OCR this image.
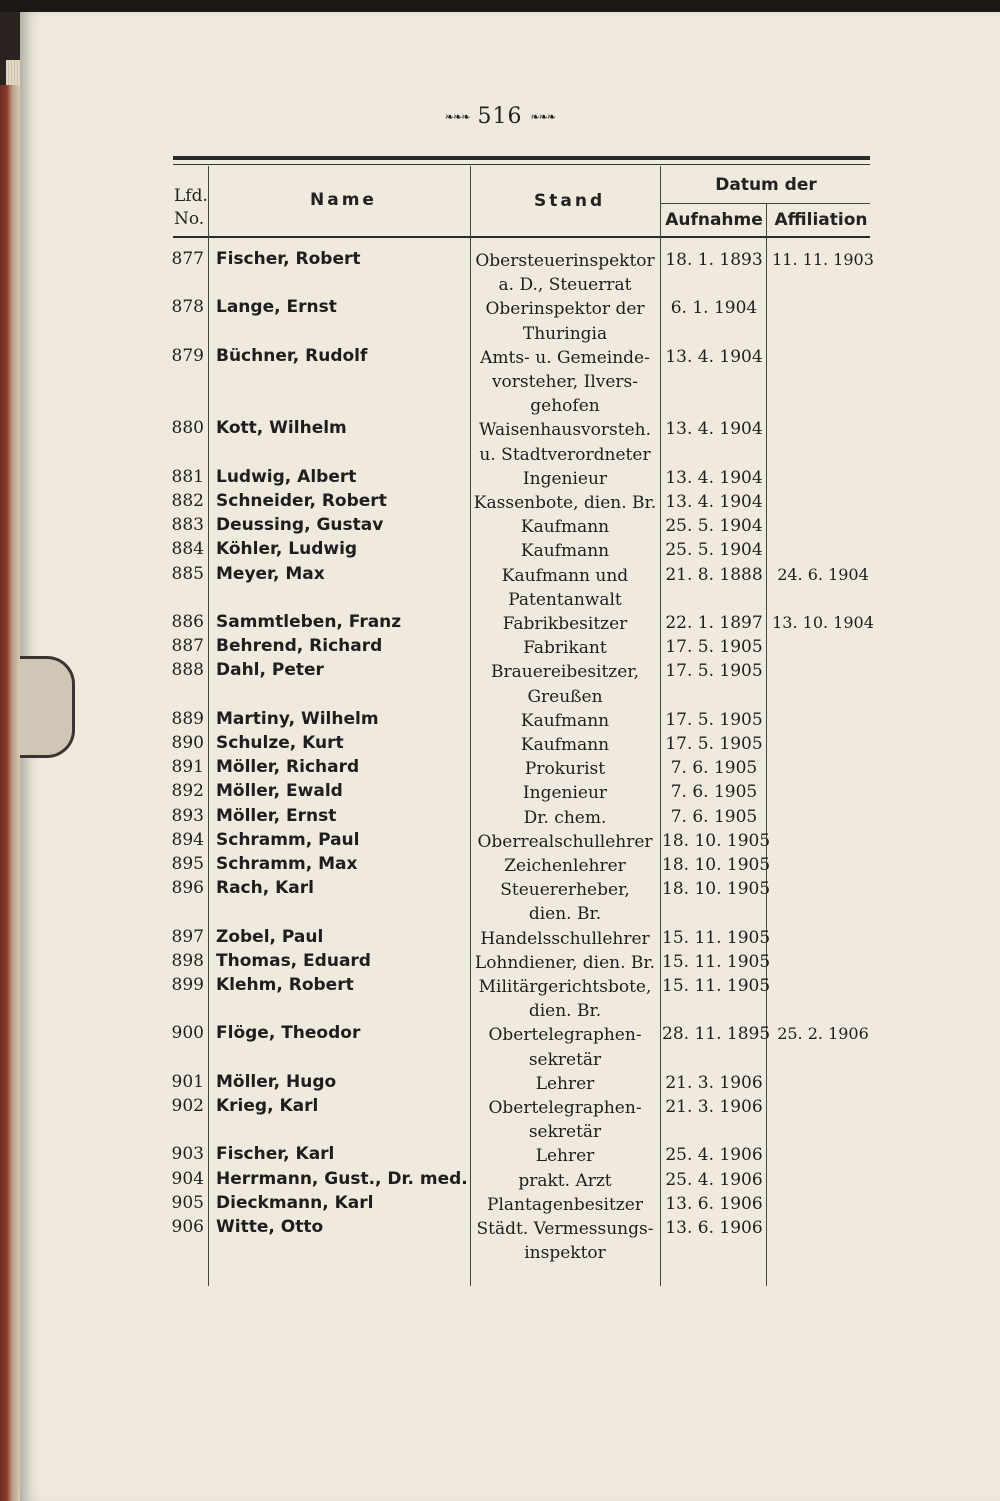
❧❧❧ 516 ❧❧❧
Lfd.
No.
Name	Stand
Datum der
Aufnahme Affiliation
877 Fischer, Robert	Obersteuerinspektor
a. D., Steuerrat
18. 1. 1893 11. 11. 1903
878 Lange, Ernst	Oberinspektor der
Thuringia
6. 1. 1904
879 Büchner, Rudolf	Amts- u. Gemeinde-
vorsteher, Ilvers-
gehofen
13. 4. 1904
880 Kott, Wilhelm	Waisenhausvorsteh.
u. Stadtverordneter
13. 4. 1904
881 Ludwig, Albert	Ingenieur	13. 4. 1904
882 Schneider, Robert	Kassenbote, dien. Br. 13. 4. 1904
883 Deussing, Gustav	Kaufmann	25. 5. 1904
884 Köhler, Ludwig	Kaufmann	25. 5. 1904
885 Meyer, Max	Kaufmann und
Patentanwalt
21. 8. 1888 24. 6. 1904
886 Sammtleben, Franz	Fabrikbesitzer	22. 1. 1897 13. 10. 1904
887 Behrend, Richard	Fabrikant	17. 5. 1905
888 Dahl, Peter	Brauereibesitzer,
Greußen
17. 5. 1905
889 Martiny, Wilhelm	Kaufmann	17. 5. 1905
890 Schulze, Kurt	Kaufmann	17. 5. 1905
891 Möller, Richard	Prokurist	7. 6. 1905
892 Möller, Ewald	Ingenieur	7. 6. 1905
893 Möller, Ernst	Dr. chem.	7. 6. 1905
894 Schramm, Paul	Oberrealschullehrer 18. 10. 1905
895 Schramm, Max	Zeichenlehrer	18. 10. 1905
896 Rach, Karl	Steuererheber,
dien. Br.
18. 10. 1905
897 Zobel, Paul	Handelsschullehrer 15. 11. 1905
898 Thomas, Eduard	Lohndiener, dien. Br. 15. 11. 1905
899 Klehm, Robert	Militärgerichtsbote,
dien. Br.
15. 11. 1905
900 Flöge, Theodor	Obertelegraphen-
sekretär
28. 11. 1895 25. 2. 1906
901 Möller, Hugo	Lehrer	21. 3. 1906
902 Krieg, Karl	Obertelegraphen-
sekretär
21. 3. 1906
903 Fischer, Karl	Lehrer	25. 4. 1906
904 Herrmann, Gust., Dr. med.	prakt. Arzt	25. 4. 1906
905 Dieckmann, Karl	Plantagenbesitzer	13. 6. 1906
906 Witte, Otto	Städt. Vermessungs-
inspektor
13. 6. 1906
